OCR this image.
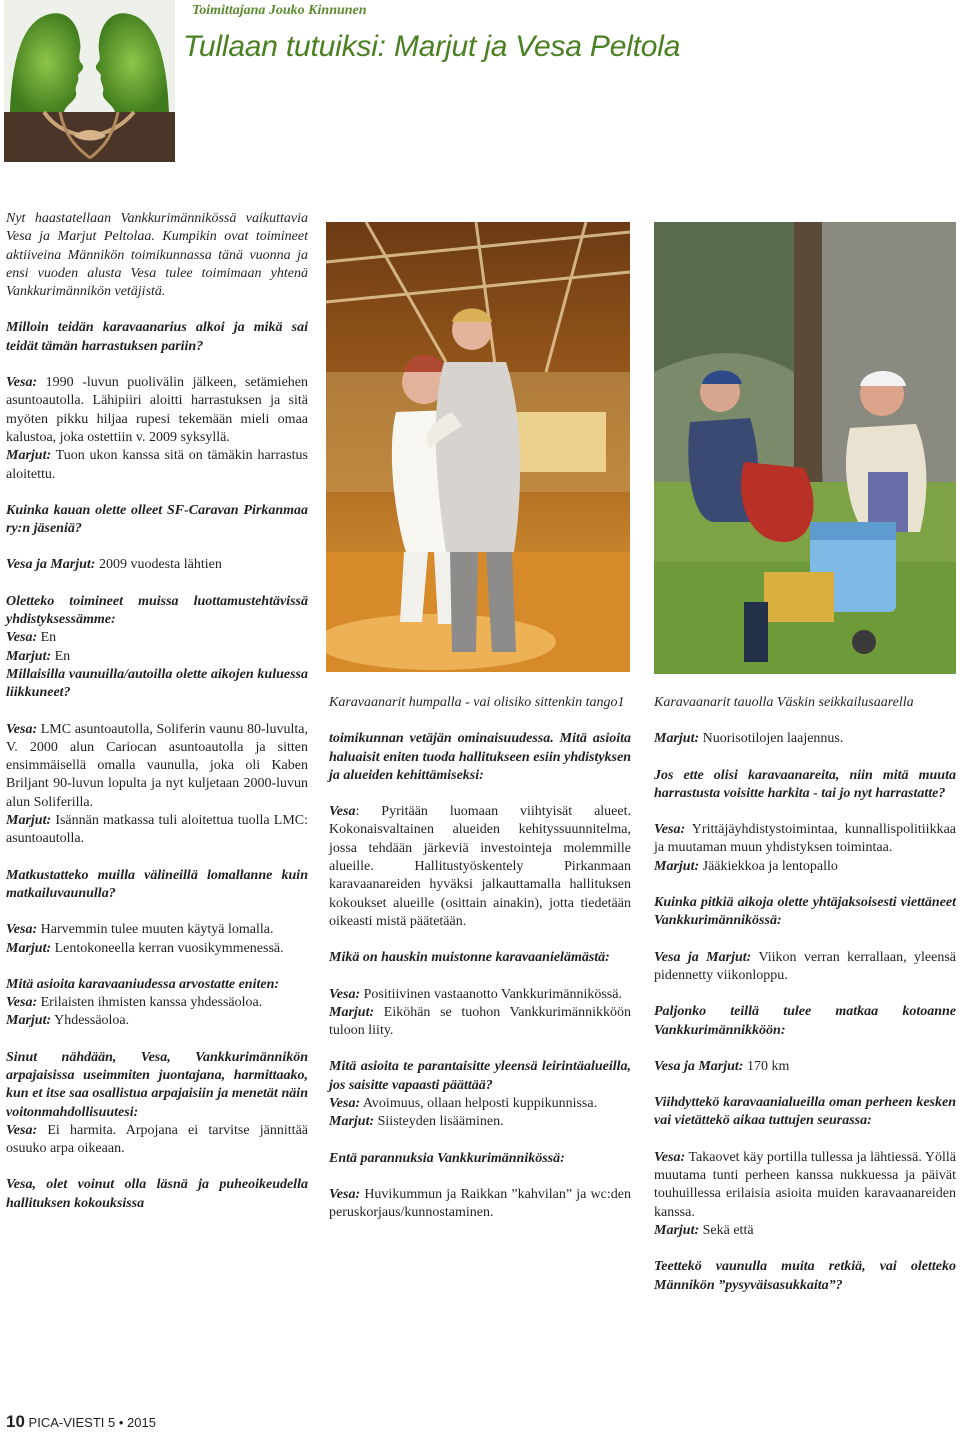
Toimittajana Jouko Kinnunen
Tullaan tutuiksi: Marjut ja Vesa Peltola

Nyt haastatellaan Vankkurimännikössä vaikuttavia Vesa ja Marjut Peltolaa. Kumpikin ovat toimineet aktiiveina Männikön toimikunnassa tänä vuonna ja ensi vuoden alusta Vesa tulee toimimaan yhtenä Vankkurimännikön vetäjistä.

Milloin teidän karavaanarius alkoi ja mikä sai teidät tämän harrastuksen pariin?

Vesa: 1990 -luvun puolivälin jälkeen, setämiehen asuntoautolla. Lähipiiri aloitti harrastuksen ja sitä myöten pikku hiljaa rupesi tekemään mieli omaa kalustoa, joka ostettiin v. 2009 syksyllä.

Marjut: Tuon ukon kanssa sitä on tämäkin harrastus aloitettu.

Kuinka kauan olette olleet SF-Caravan Pirkanmaa ry:n jäseniä?

Vesa ja Marjut: 2009 vuodesta lähtien

Oletteko toimineet muissa luottamustehtävissä yhdistyksessämme:

Vesa: En

Marjut: En

Millaisilla vaunuilla/autoilla olette aikojen kuluessa liikkuneet?

Vesa: LMC asuntoautolla, Soliferin vaunu 80-luvulta, V. 2000 alun Cariocan asuntoautolla ja sitten ensimmäisellä omalla vaunulla, joka oli Kaben Briljant 90-luvun lopulta ja nyt kuljetaan 2000-luvun alun Soliferilla.

Marjut: Isännän matkassa tuli aloitettua tuolla LMC: asuntoautolla.

Matkustatteko muilla välineillä lomallanne kuin matkailuvaunulla?

Vesa: Harvemmin tulee muuten käytyä lomalla.

Marjut: Lentokoneella kerran vuosikymmenessä.

Mitä asioita karavaaniudessa arvostatte eniten:

Vesa: Erilaisten ihmisten kanssa yhdessäoloa.

Marjut: Yhdessäoloa.

Sinut nähdään, Vesa, Vankkurimännikön arpajaisissa useimmiten juontajana, harmittaako, kun et itse saa osallistua arpajaisiin ja menetät näin voitonmahdollisuutesi:

Vesa: Ei harmita. Arpojana ei tarvitse jännittää osuuko arpa oikeaan.

Vesa, olet voinut olla läsnä ja puheoikeudella hallituksen kokouksissa

Karavaanarit humpalla - vai olisiko sittenkin tango1

toimikunnan vetäjän ominaisuudessa. Mitä asioita haluaisit eniten tuoda hallitukseen esiin yhdistyksen ja alueiden kehittämiseksi:

Vesa: Pyritään luomaan viihtyisät alueet. Kokonaisvaltainen alueiden kehityssuunnitelma, jossa tehdään järkeviä investointeja molemmille alueille. Hallitustyöskentely Pirkanmaan karavaanareiden hyväksi jalkauttamalla hallituksen kokoukset alueille (osittain ainakin), jotta tiedetään oikeasti mistä päätetään.

Mikä on hauskin muistonne karavaanielämästä:

Vesa: Positiivinen vastaanotto Vankkurimännikössä.

Marjut: Eiköhän se tuohon Vankkurimännikköön tuloon liity.

Mitä asioita te parantaisitte yleensä leirintäalueilla, jos saisitte vapaasti päättää?

Vesa: Avoimuus, ollaan helposti kuppikunnissa.

Marjut: Siisteyden lisääminen.

Entä parannuksia Vankkurimännikössä:

Vesa: Huvikummun ja Raikkan ”kahvilan” ja wc:den peruskorjaus/kunnostaminen.

Karavaanarit tauolla Väskin seikkailusaarella

Marjut: Nuorisotilojen laajennus.

Jos ette olisi karavaanareita, niin mitä muuta harrastusta voisitte harkita - tai jo nyt harrastatte?

Vesa: Yrittäjäyhdistystoimintaa, kunnallispolitiikkaa ja muutaman muun yhdistyksen toimintaa.

Marjut: Jääkiekkoa ja lentopallo

Kuinka pitkiä aikoja olette yhtäjaksoisesti viettäneet Vankkurimännikössä:

Vesa ja Marjut: Viikon verran kerrallaan, yleensä pidennetty viikonloppu.

Paljonko teillä tulee matkaa kotoanne Vankkurimännikköön:

Vesa ja Marjut: 170 km

Viihdyttekö karavaanialueilla oman perheen kesken vai vietättekö aikaa tuttujen seurassa:

Vesa: Takaovet käy portilla tullessa ja lähtiessä. Yöllä muutama tunti perheen kanssa nukkuessa ja päivät touhuillessa erilaisia asioita muiden karavaanareiden kanssa.

Marjut: Sekä että

Teettekö vaunulla muita retkiä, vai oletteko Männikön ”pysyväisasukkaita”?

10 PICA-VIESTI 5 • 2015
